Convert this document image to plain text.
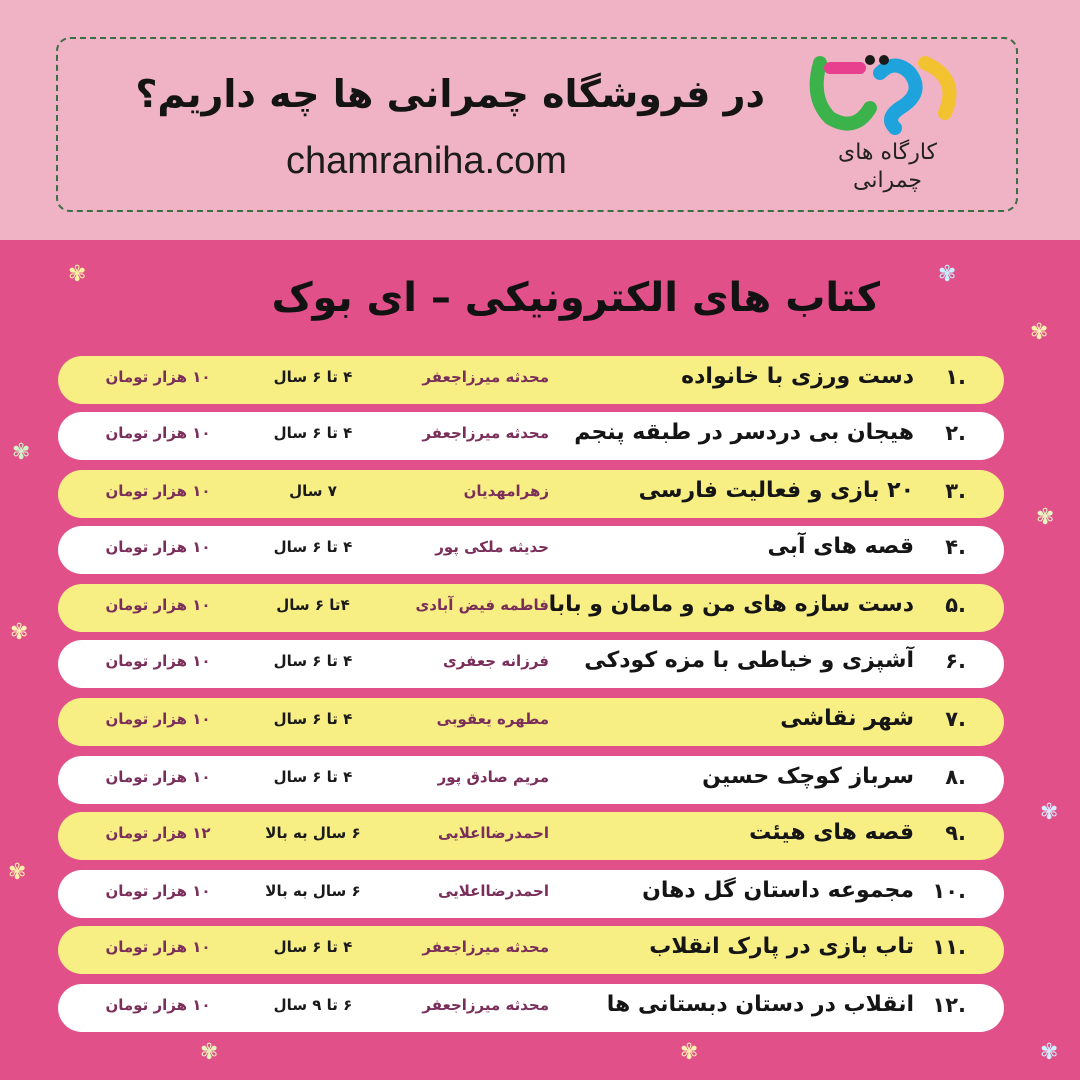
در فروشگاه چمرانی ها چه داریم؟
chamraniha.com	کارگاه های
چمرانی
✾	✾
✾
✾
✾
✾
✾
✾
✾	✾	✾
کتاب های الکترونیکی – ای بوک
.۱
دست ورزی با خانواده
محدثه میرزاجعفر
۴ تا ۶ سال
۱۰ هزار تومان
.۲
هیجان بی دردسر در طبقه پنجم
محدثه میرزاجعفر
۴ تا ۶ سال
۱۰ هزار تومان
.۳
۲۰ بازی و فعالیت فارسی
زهرامهدیان
۷ سال
۱۰ هزار تومان
.۴
قصه های آبی
حدیثه ملکی پور
۴ تا ۶ سال
۱۰ هزار تومان
.۵
دست سازه های من و مامان و بابا
فاطمه فیض آبادی
۴تا ۶ سال
۱۰ هزار تومان
.۶
آشپزی و خیاطی با مزه کودکی
فرزانه جعفری
۴ تا ۶ سال
۱۰ هزار تومان
.۷
شهر نقاشی
مطهره یعقوبی
۴ تا ۶ سال
۱۰ هزار تومان
.۸
سرباز کوچک حسین
مریم صادق پور
۴ تا ۶ سال
۱۰ هزار تومان
.۹
قصه های هیئت
احمدرضااعلایی
۶ سال به بالا
۱۲ هزار تومان
.۱۰
مجموعه داستان گل دهان
احمدرضااعلایی
۶ سال به بالا
۱۰ هزار تومان
.۱۱
تاب بازی در پارک انقلاب
محدثه میرزاجعفر
۴ تا ۶ سال
۱۰ هزار تومان
.۱۲
انقلاب در دستان دبستانی ها
محدثه میرزاجعفر
۶ تا ۹ سال
۱۰ هزار تومان
